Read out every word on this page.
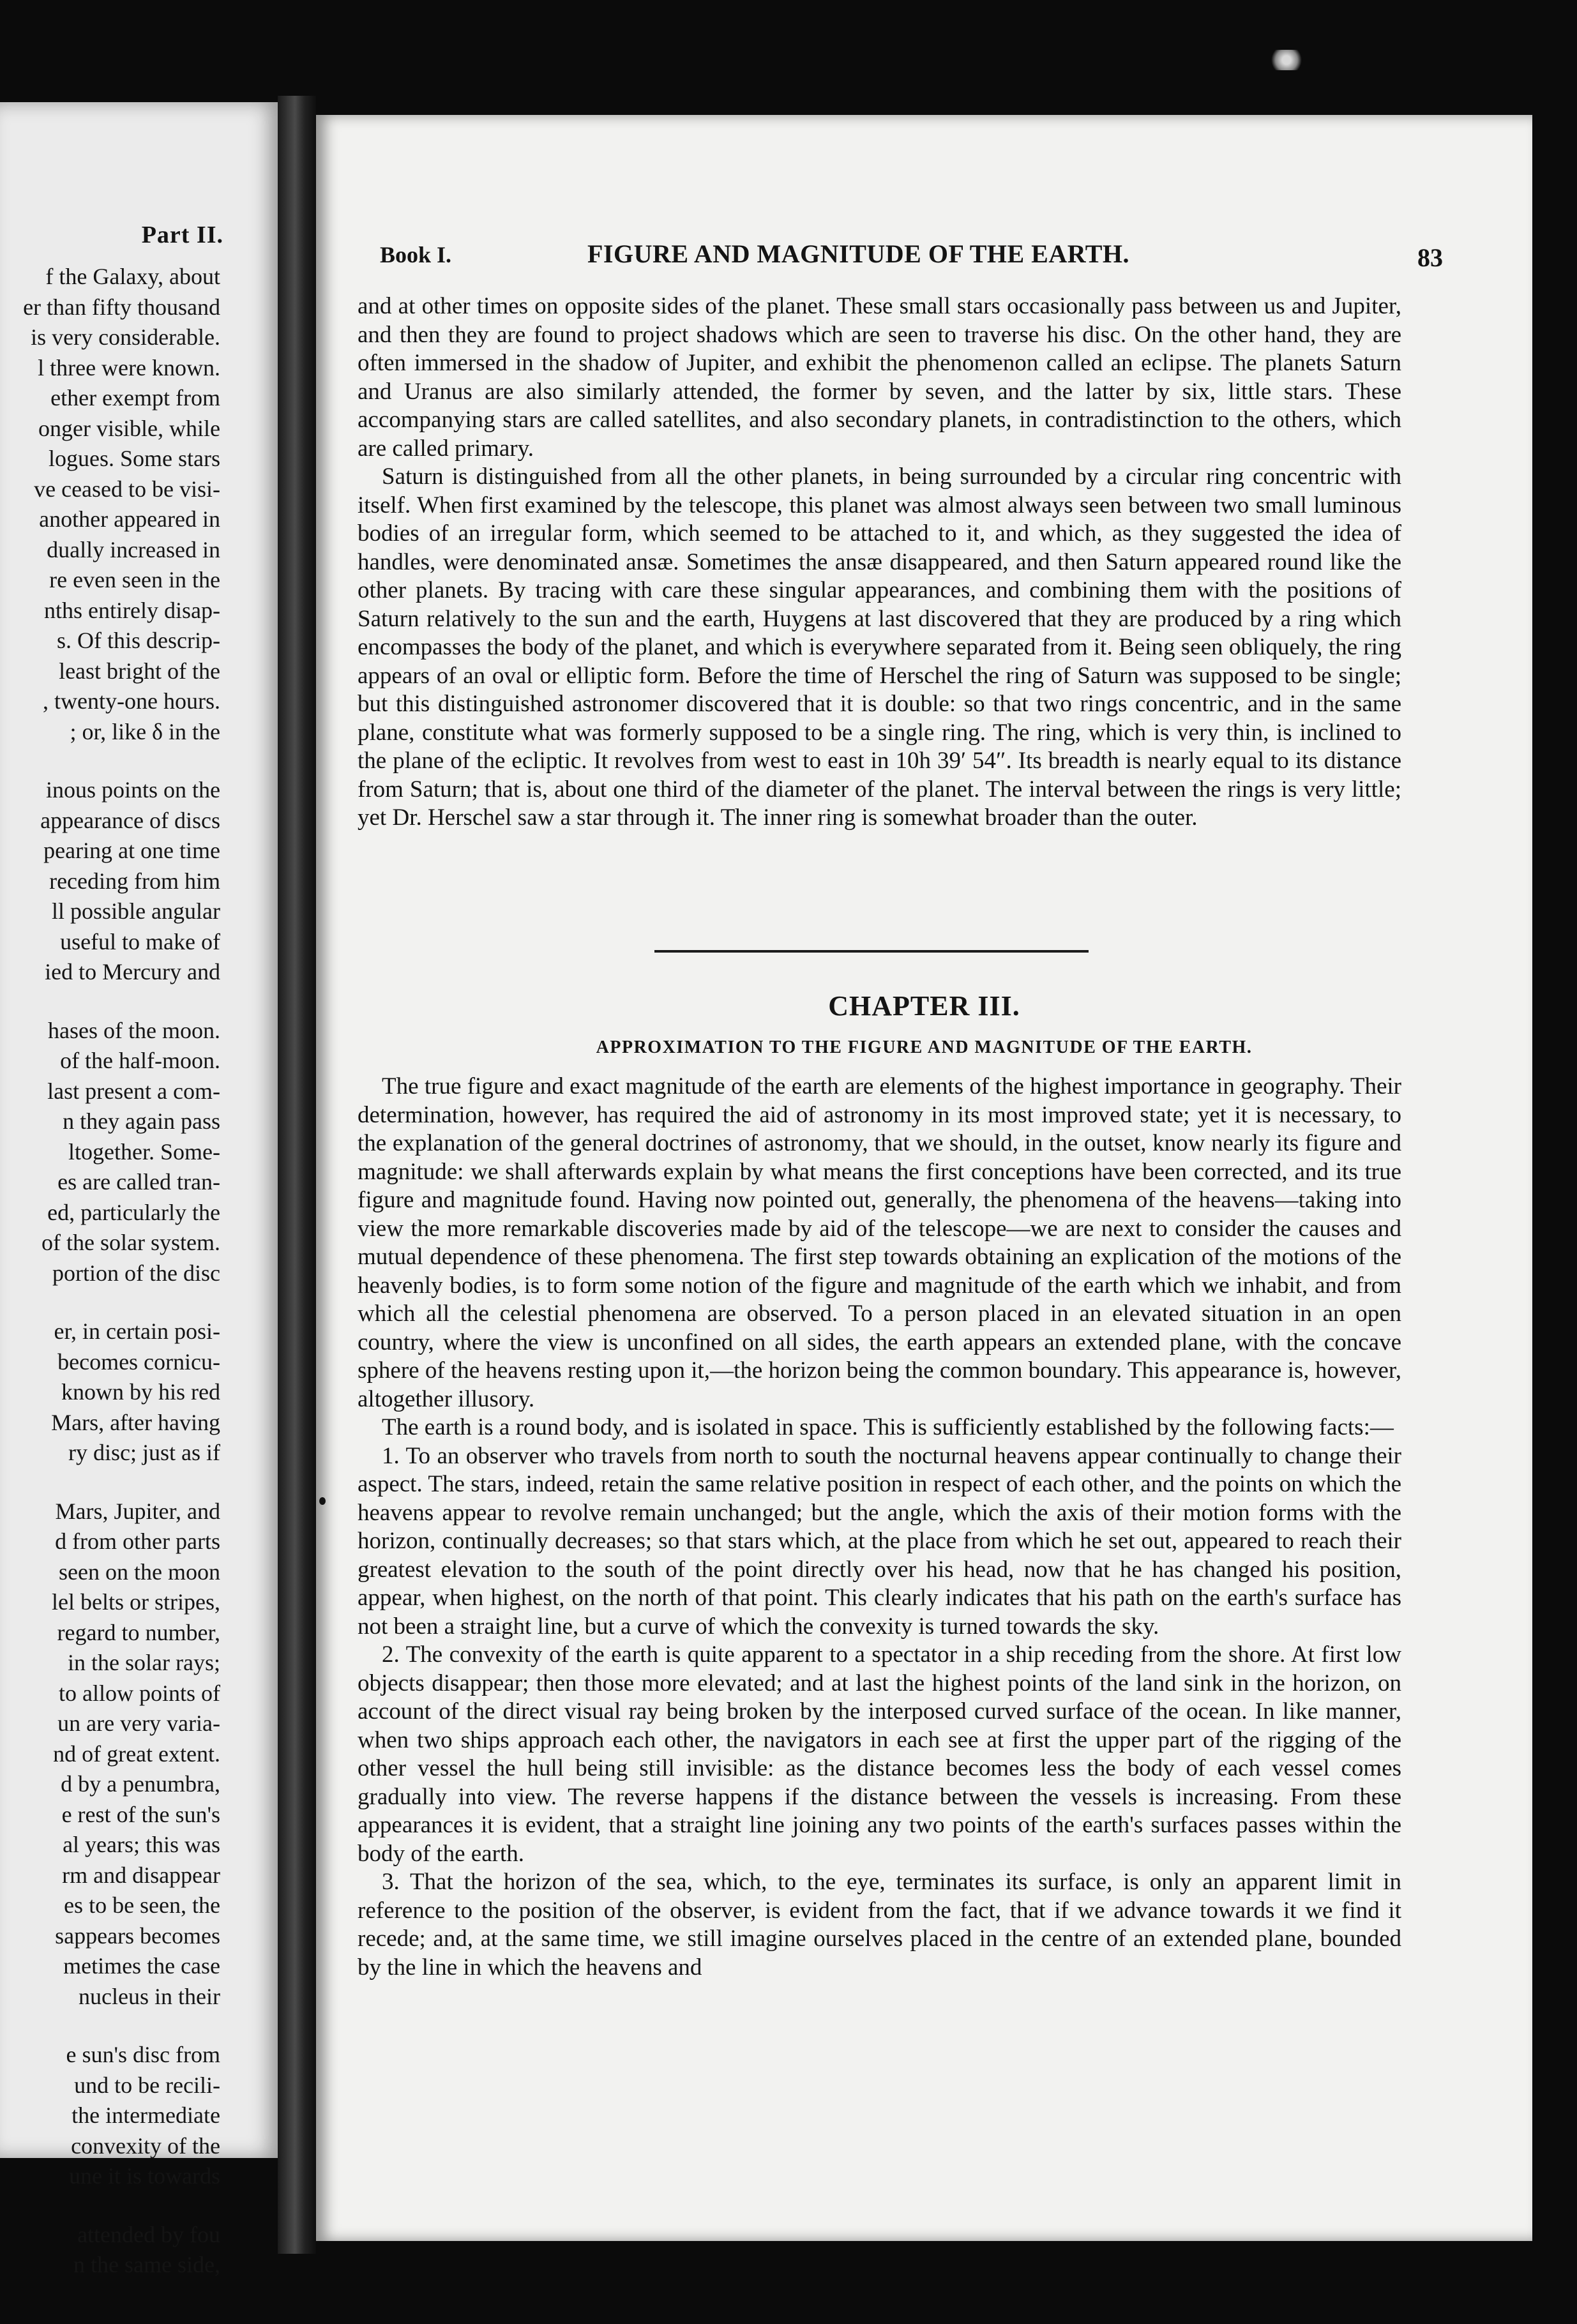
Part II.
f the Galaxy, about
er than fifty thousand
is very considerable.
l three were known.
ether exempt from
onger visible, while
logues. Some stars
ve ceased to be visi-
another appeared in
dually increased in
re even seen in the
nths entirely disap-
s. Of this descrip-
least bright of the
, twenty-one hours.
; or, like δ in the
inous points on the
appearance of discs
pearing at one time
receding from him
ll possible angular
useful to make of
ied to Mercury and
hases of the moon.
of the half-moon.
last present a com-
n they again pass
ltogether. Some-
es are called tran-
ed, particularly the
of the solar system.
portion of the disc
er, in certain posi-
becomes cornicu-
known by his red
Mars, after having
ry disc; just as if
Mars, Jupiter, and
d from other parts
seen on the moon
lel belts or stripes,
regard to number,
in the solar rays;
to allow points of
un are very varia-
nd of great extent.
d by a penumbra,
e rest of the sun's
al years; this was
rm and disappear
es to be seen, the
sappears becomes
metimes the case
nucleus in their
e sun's disc from
und to be recili-
the intermediate
convexity of the
une it is towards
attended by fou
n the same side,
Book I.	FIGURE AND MAGNITUDE OF THE EARTH.	83

and at other times on opposite sides of the planet. These small stars occasionally pass between us and Jupiter, and then they are found to project shadows which are seen to traverse his disc. On the other hand, they are often immersed in the shadow of Jupiter, and exhibit the phenomenon called an eclipse. The planets Saturn and Uranus are also similarly attended, the former by seven, and the latter by six, little stars. These accompanying stars are called satellites, and also secondary planets, in contradistinction to the others, which are called primary.

Saturn is distinguished from all the other planets, in being surrounded by a circular ring concentric with itself. When first examined by the telescope, this planet was almost always seen between two small luminous bodies of an irregular form, which seemed to be attached to it, and which, as they suggested the idea of handles, were denominated ansæ. Sometimes the ansæ disappeared, and then Saturn appeared round like the other planets. By tracing with care these singular appearances, and combining them with the positions of Saturn relatively to the sun and the earth, Huygens at last discovered that they are produced by a ring which encompasses the body of the planet, and which is everywhere separated from it. Being seen obliquely, the ring appears of an oval or elliptic form. Before the time of Herschel the ring of Saturn was supposed to be single; but this distinguished astronomer discovered that it is double: so that two rings concentric, and in the same plane, constitute what was formerly supposed to be a single ring. The ring, which is very thin, is inclined to the plane of the ecliptic. It revolves from west to east in 10h 39′ 54″. Its breadth is nearly equal to its distance from Saturn; that is, about one third of the diameter of the planet. The interval between the rings is very little; yet Dr. Herschel saw a star through it. The inner ring is somewhat broader than the outer.

CHAPTER III.
APPROXIMATION TO THE FIGURE AND MAGNITUDE OF THE EARTH.

The true figure and exact magnitude of the earth are elements of the highest importance in geography. Their determination, however, has required the aid of astronomy in its most improved state; yet it is necessary, to the explanation of the general doctrines of astronomy, that we should, in the outset, know nearly its figure and magnitude: we shall afterwards explain by what means the first conceptions have been corrected, and its true figure and magnitude found. Having now pointed out, generally, the phenomena of the heavens—taking into view the more remarkable discoveries made by aid of the telescope—we are next to consider the causes and mutual dependence of these phenomena. The first step towards obtaining an explication of the motions of the heavenly bodies, is to form some notion of the figure and magnitude of the earth which we inhabit, and from which all the celestial phenomena are observed. To a person placed in an elevated situation in an open country, where the view is unconfined on all sides, the earth appears an extended plane, with the concave sphere of the heavens resting upon it,—the horizon being the common boundary. This appearance is, however, altogether illusory.

The earth is a round body, and is isolated in space. This is sufficiently established by the following facts:—

1. To an observer who travels from north to south the nocturnal heavens appear continually to change their aspect. The stars, indeed, retain the same relative position in respect of each other, and the points on which the heavens appear to revolve remain unchanged; but the angle, which the axis of their motion forms with the horizon, continually decreases; so that stars which, at the place from which he set out, appeared to reach their greatest elevation to the south of the point directly over his head, now that he has changed his position, appear, when highest, on the north of that point. This clearly indicates that his path on the earth's surface has not been a straight line, but a curve of which the convexity is turned towards the sky.

2. The convexity of the earth is quite apparent to a spectator in a ship receding from the shore. At first low objects disappear; then those more elevated; and at last the highest points of the land sink in the horizon, on account of the direct visual ray being broken by the interposed curved surface of the ocean. In like manner, when two ships approach each other, the navigators in each see at first the upper part of the rigging of the other vessel the hull being still invisible: as the distance becomes less the body of each vessel comes gradually into view. The reverse happens if the distance between the vessels is increasing. From these appearances it is evident, that a straight line joining any two points of the earth's surfaces passes within the body of the earth.

3. That the horizon of the sea, which, to the eye, terminates its surface, is only an apparent limit in reference to the position of the observer, is evident from the fact, that if we advance towards it we find it recede; and, at the same time, we still imagine ourselves placed in the centre of an extended plane, bounded by the line in which the heavens and
